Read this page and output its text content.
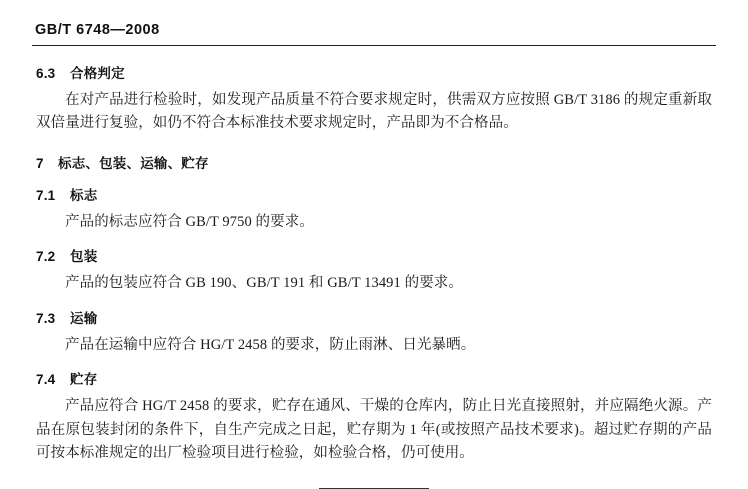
GB/T 6748—2008
6.3 合格判定

在对产品进行检验时，如发现产品质量不符合要求规定时，供需双方应按照 GB/T 3186 的规定重新取双倍量进行复验，如仍不符合本标准技术要求规定时，产品即为不合格品。

7 标志、包装、运输、贮存
7.1 标志

产品的标志应符合 GB/T 9750 的要求。

7.2 包装

产品的包装应符合 GB 190、GB/T 191 和 GB/T 13491 的要求。

7.3 运输

产品在运输中应符合 HG/T 2458 的要求，防止雨淋、日光暴晒。

7.4 贮存

产品应符合 HG/T 2458 的要求，贮存在通风、干燥的仓库内，防止日光直接照射，并应隔绝火源。产品在原包装封闭的条件下，自生产完成之日起，贮存期为 1 年(或按照产品技术要求)。超过贮存期的产品可按本标准规定的出厂检验项目进行检验，如检验合格，仍可使用。
